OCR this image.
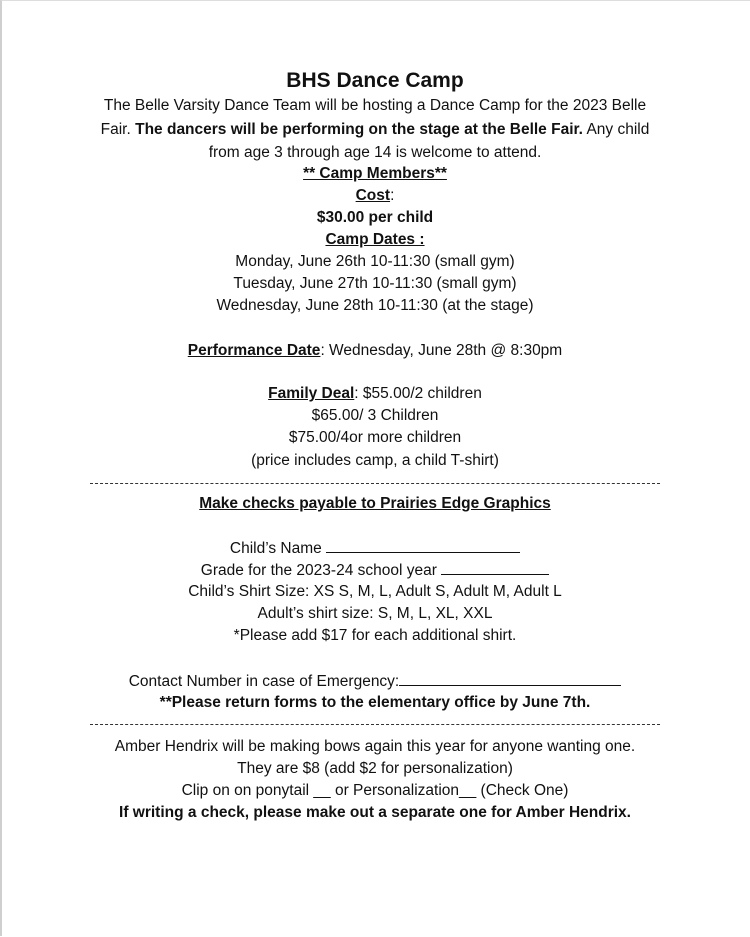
BHS Dance Camp
The Belle Varsity Dance Team will be hosting a Dance Camp for the 2023 Belle
Fair. The dancers will be performing on the stage at the Belle Fair. Any child
from age 3 through age 14 is welcome to attend.
** Camp Members**
Cost:
$30.00 per child
Camp Dates :
Monday, June 26th 10-11:30 (small gym)
Tuesday, June 27th 10-11:30 (small gym)
Wednesday, June 28th 10-11:30 (at the stage)
Performance Date: Wednesday, June 28th @ 8:30pm
Family Deal: $55.00/2 children
$65.00/ 3 Children
$75.00/4or more children
(price includes camp, a child T-shirt)
Make checks payable to Prairies Edge Graphics
Child’s Name
Grade for the 2023-24 school year
Child’s Shirt Size: XS S, M, L, Adult S, Adult M, Adult L
Adult’s shirt size: S, M, L, XL, XXL
*Please add $17 for each additional shirt.
Contact Number in case of Emergency:
**Please return forms to the elementary office by June 7th.
Amber Hendrix will be making bows again this year for anyone wanting one.
They are $8 (add $2 for personalization)
Clip on on ponytail __ or Personalization__ (Check One)
If writing a check, please make out a separate one for Amber Hendrix.
